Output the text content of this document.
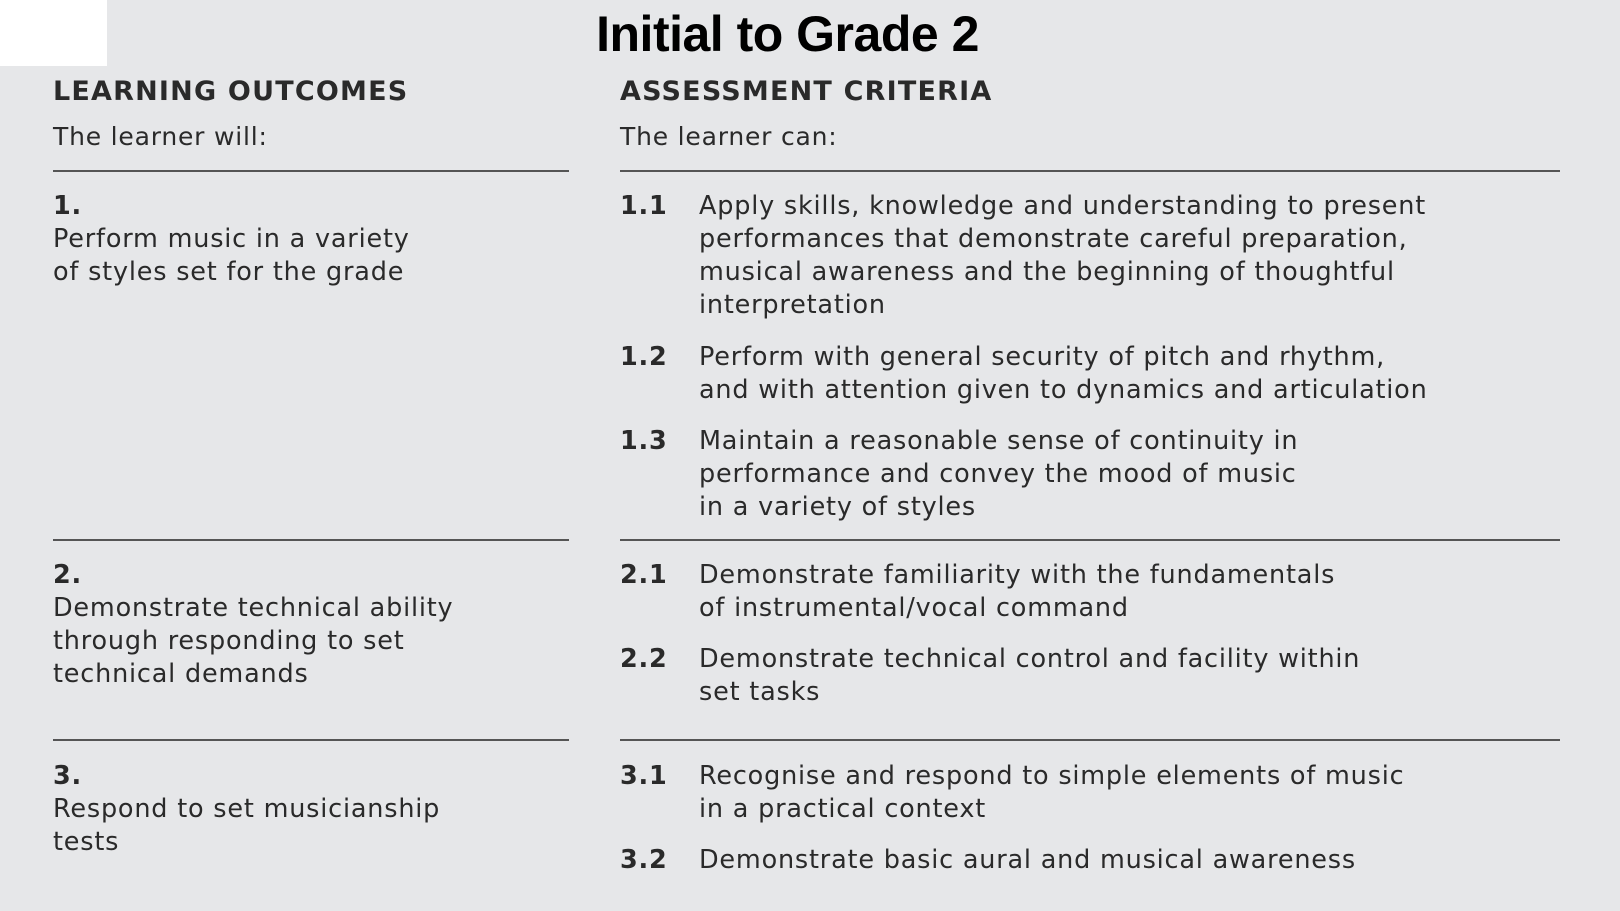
Initial to Grade 2
LEARNING OUTCOMES
The learner will:
ASSESSMENT CRITERIA
The learner can:
1.
Perform music in a variety
of styles set for the grade
1.1 Apply skills, knowledge and understanding to present
performances that demonstrate careful preparation,
musical awareness and the beginning of thoughtful
interpretation
1.2 Perform with general security of pitch and rhythm,
and with attention given to dynamics and articulation
1.3 Maintain a reasonable sense of continuity in
performance and convey the mood of music
in a variety of styles
2.
Demonstrate technical ability
through responding to set
technical demands
2.1 Demonstrate familiarity with the fundamentals
of instrumental/vocal command
2.2 Demonstrate technical control and facility within
set tasks
3.
Respond to set musicianship
tests
3.1 Recognise and respond to simple elements of music
in a practical context
3.2 Demonstrate basic aural and musical awareness
